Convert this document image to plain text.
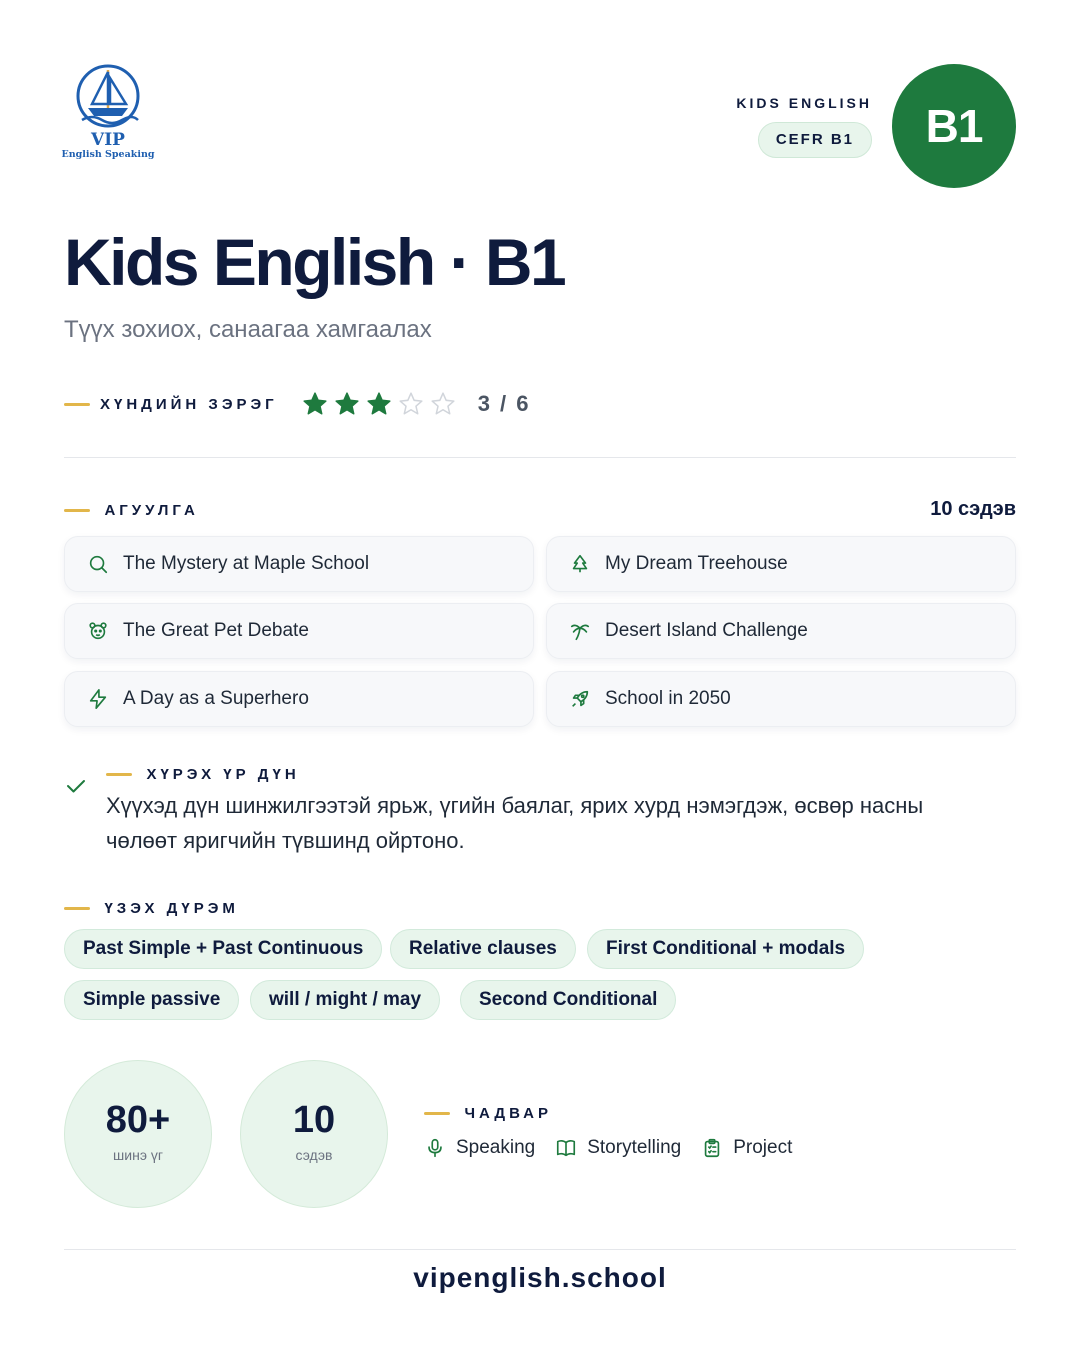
VIP
English Speaking
KIDS ENGLISH
CEFR B1	B1
Kids English · B1
Түүх зохиох, санаагаа хамгаалах
ХҮНДИЙН ЗЭРЭГ	3 / 6
АГУУЛГА	10 сэдэв
The Mystery at Maple School	My Dream Treehouse
The Great Pet Debate	Desert Island Challenge
A Day as a Superhero	School in 2050
ХҮРЭХ ҮР ДҮН
Хүүхэд дүн шинжилгээтэй ярьж, үгийн баялаг, ярих хурд нэмэгдэж, өсвөр насны чөлөөт яригчийн түвшинд ойртоно.
ҮЗЭХ ДҮРЭМ
Past Simple + Past Continuous	Relative clauses	First Conditional + modals
Simple passive	will / might / may	Second Conditional
80+
шинэ үг
10
сэдэв
ЧАДВАР
Speaking	Storytelling	Project
vipenglish.school
